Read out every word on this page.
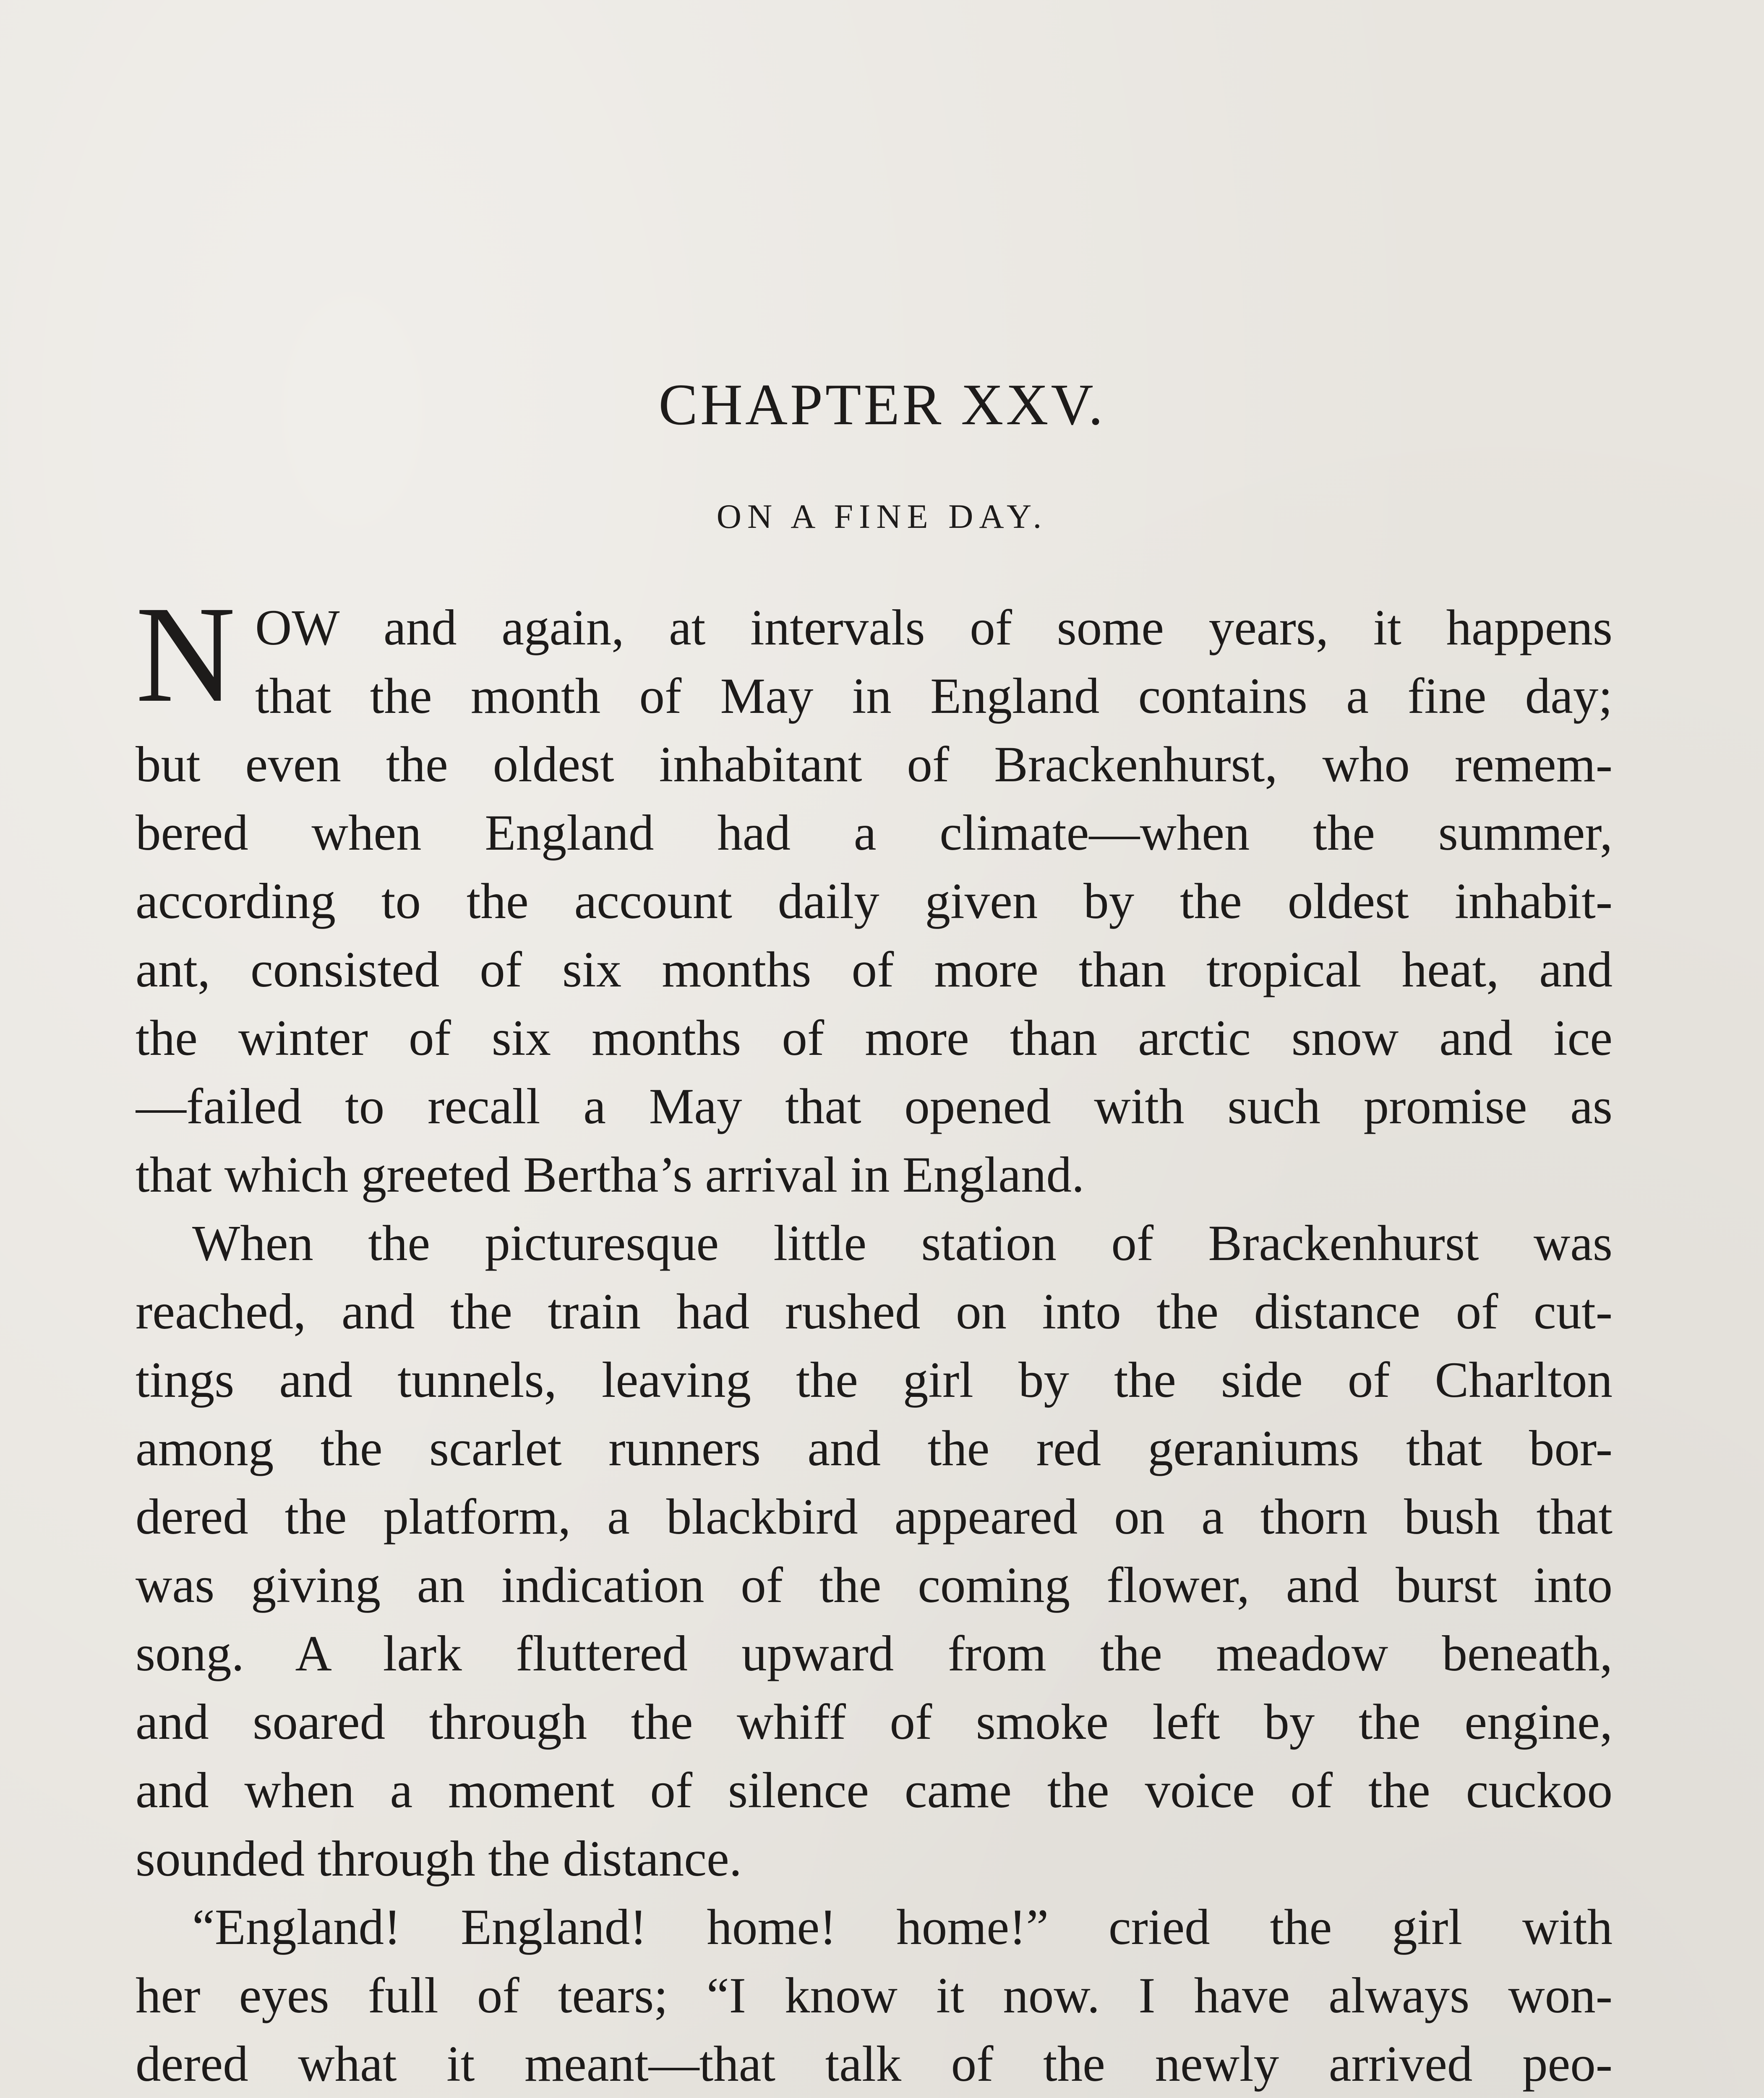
CHAPTER XXV.
ON A FINE DAY.
N OW and again, at intervals of some years, it happens
that the month of May in England contains a fine day;
but even the oldest inhabitant of Brackenhurst, who remem-
bered when England had a climate—when the summer,
according to the account daily given by the oldest inhabit-
ant, consisted of six months of more than tropical heat, and
the winter of six months of more than arctic snow and ice
—failed to recall a May that opened with such promise as
that which greeted Bertha’s arrival in England.
When the picturesque little station of Brackenhurst was
reached, and the train had rushed on into the distance of cut-
tings and tunnels, leaving the girl by the side of Charlton
among the scarlet runners and the red geraniums that bor-
dered the platform, a blackbird appeared on a thorn bush that
was giving an indication of the coming flower, and burst into
song. A lark fluttered upward from the meadow beneath,
and soared through the whiff of smoke left by the engine,
and when a moment of silence came the voice of the cuckoo
sounded through the distance.
“England! England! home! home!” cried the girl with
her eyes full of tears; “I know it now. I have always won-
dered what it meant—that talk of the newly arrived peo-
